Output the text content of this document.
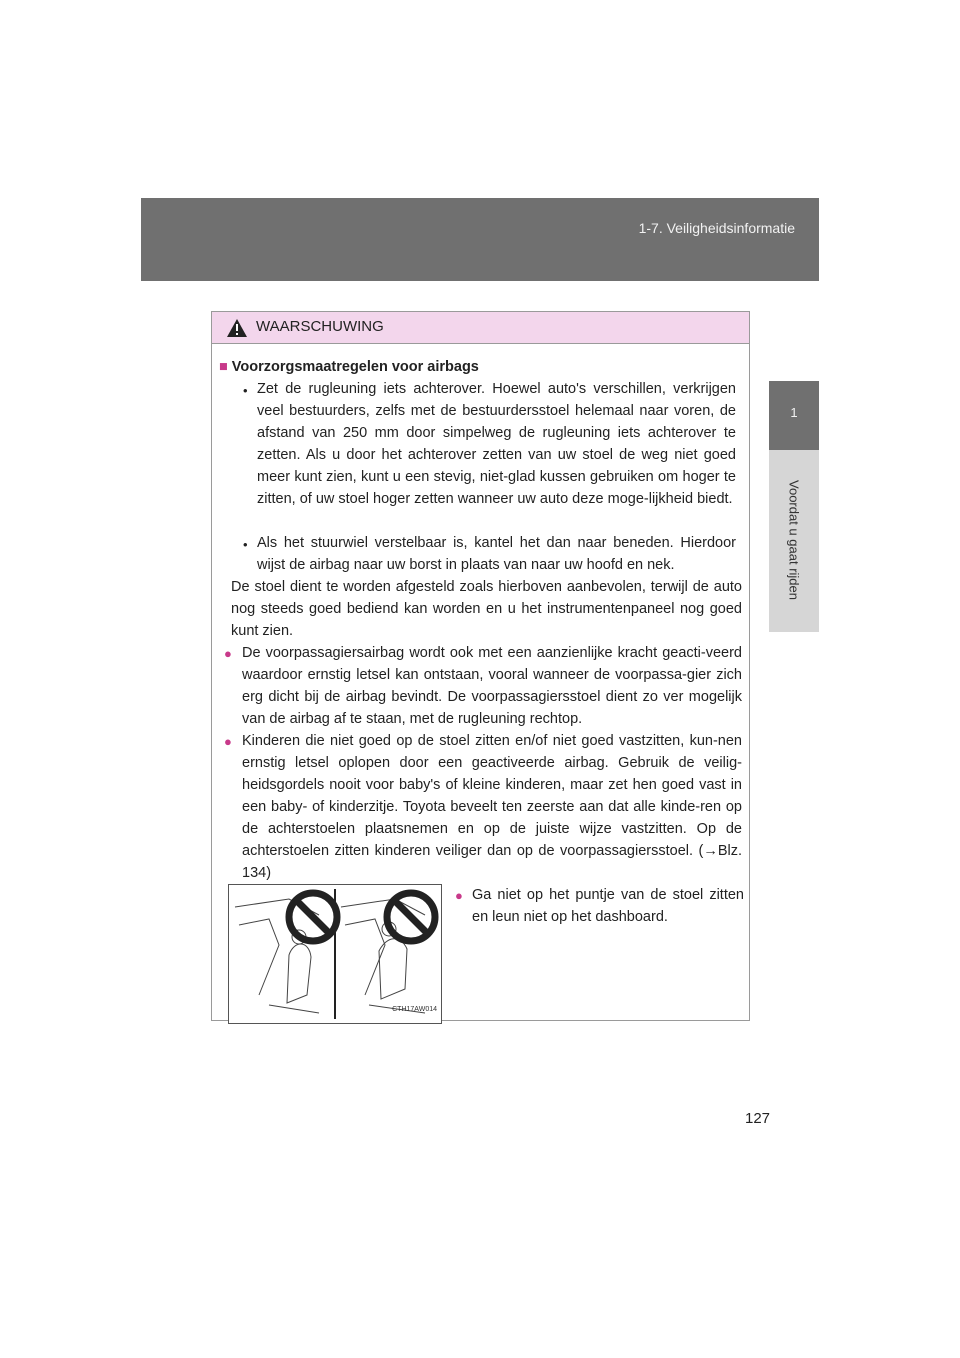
1-7. Veiligheidsinformatie
1
Voordat u gaat rijden
WAARSCHUWING
■ Voorzorgsmaatregelen voor airbags
• Zet de rugleuning iets achterover. Hoewel auto's verschillen, verkrijgen veel bestuurders, zelfs met de bestuurdersstoel helemaal naar voren, de afstand van 250 mm door simpelweg de rugleuning iets achterover te zetten. Als u door het achterover zetten van uw stoel de weg niet goed meer kunt zien, kunt u een stevig, niet-glad kussen gebruiken om hoger te zitten, of uw stoel hoger zetten wanneer uw auto deze moge-lijkheid biedt.
• Als het stuurwiel verstelbaar is, kantel het dan naar beneden. Hierdoor wijst de airbag naar uw borst in plaats van naar uw hoofd en nek.
De stoel dient te worden afgesteld zoals hierboven aanbevolen, terwijl de auto nog steeds goed bediend kan worden en u het instrumentenpaneel nog goed kunt zien.
● De voorpassagiersairbag wordt ook met een aanzienlijke kracht geacti-veerd waardoor ernstig letsel kan ontstaan, vooral wanneer de voorpassa-gier zich erg dicht bij de airbag bevindt. De voorpassagiersstoel dient zo ver mogelijk van de airbag af te staan, met de rugleuning rechtop.
● Kinderen die niet goed op de stoel zitten en/of niet goed vastzitten, kun-nen ernstig letsel oplopen door een geactiveerde airbag. Gebruik de veilig-heidsgordels nooit voor baby's of kleine kinderen, maar zet hen goed vast in een baby- of kinderzitje. Toyota beveelt ten zeerste aan dat alle kinde-ren op de achterstoelen plaatsnemen en op de juiste wijze vastzitten. Op de achterstoelen zitten kinderen veiliger dan op de voorpassagiersstoel. (→Blz. 134)
● Ga niet op het puntje van de stoel zitten en leun niet op het dashboard.
CTH17AW014
127
